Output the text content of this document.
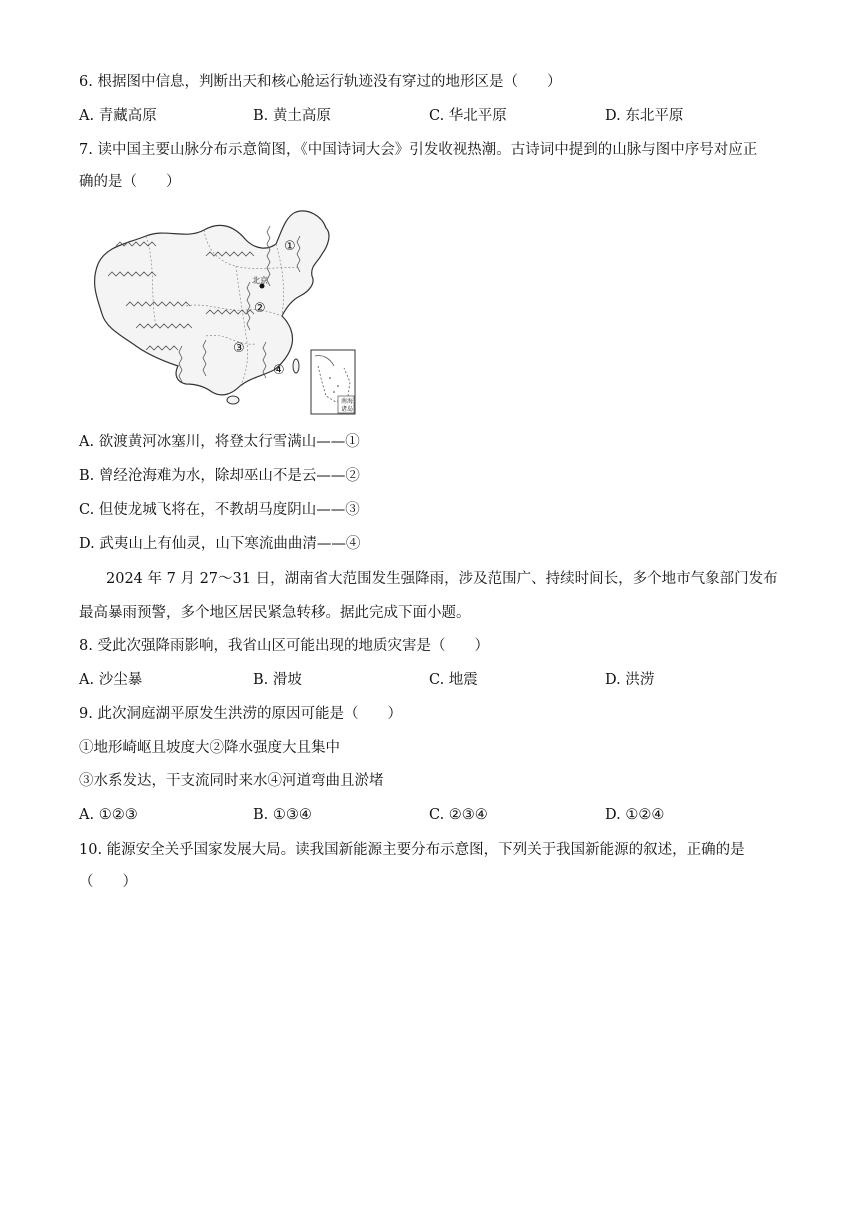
6. 根据图中信息，判断出天和核心舱运行轨迹没有穿过的地形区是（　　）
A. 青藏高原	B. 黄土高原	C. 华北平原	D. 东北平原
7. 读中国主要山脉分布示意简图，《中国诗词大会》引发收视热潮。古诗词中提到的山脉与图中序号对应正
确的是（　　）
北京
①
②
③
④
南海
诸岛
A. 欲渡黄河冰塞川，将登太行雪满山——①
B. 曾经沧海难为水，除却巫山不是云——②
C. 但使龙城飞将在，不教胡马度阴山——③
D. 武夷山上有仙灵，山下寒流曲曲清——④
2024 年 7 月 27～31 日，湖南省大范围发生强降雨，涉及范围广、持续时间长，多个地市气象部门发布
最高暴雨预警，多个地区居民紧急转移。据此完成下面小题。
8. 受此次强降雨影响，我省山区可能出现的地质灾害是（　　）
A. 沙尘暴	B. 滑坡	C. 地震	D. 洪涝
9. 此次洞庭湖平原发生洪涝的原因可能是（　　）
①地形崎岖且坡度大②降水强度大且集中
③水系发达，干支流同时来水④河道弯曲且淤堵
A. ①②③	B. ①③④	C. ②③④	D. ①②④
10. 能源安全关乎国家发展大局。读我国新能源主要分布示意图，下列关于我国新能源的叙述，正确的是
（　　）
